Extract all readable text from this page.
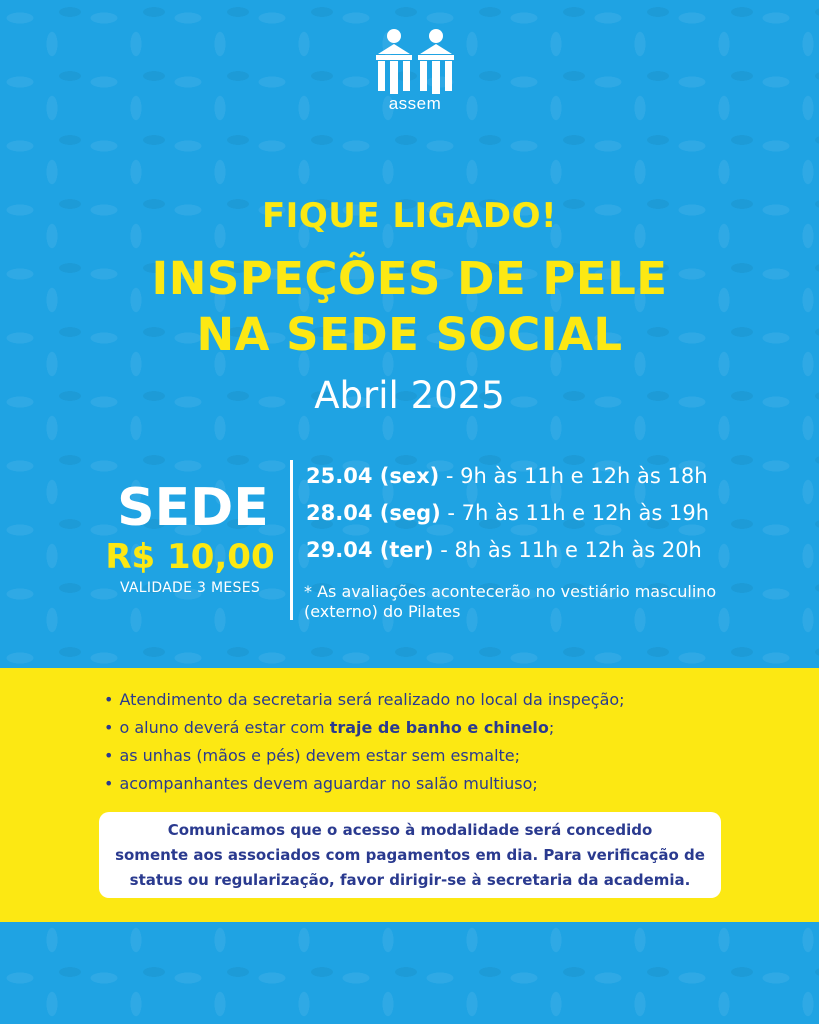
assem
FIQUE LIGADO!
INSPEÇÕES DE PELE
NA SEDE SOCIAL
Abril 2025
SEDE
R$ 10,00
VALIDADE 3 MESES
25.04 (sex) - 9h às 11h e 12h às 18h
28.04 (seg) - 7h às 11h e 12h às 19h
29.04 (ter) - 8h às 11h e 12h às 20h
* As avaliações acontecerão no vestiário masculino (externo) do Pilates
• Atendimento da secretaria será realizado no local da inspeção;
• o aluno deverá estar com traje de banho e chinelo;
• as unhas (mãos e pés) devem estar sem esmalte;
• acompanhantes devem aguardar no salão multiuso;
Comunicamos que o acesso à modalidade será concedido
somente aos associados com pagamentos em dia. Para verificação de
status ou regularização, favor dirigir-se à secretaria da academia.
